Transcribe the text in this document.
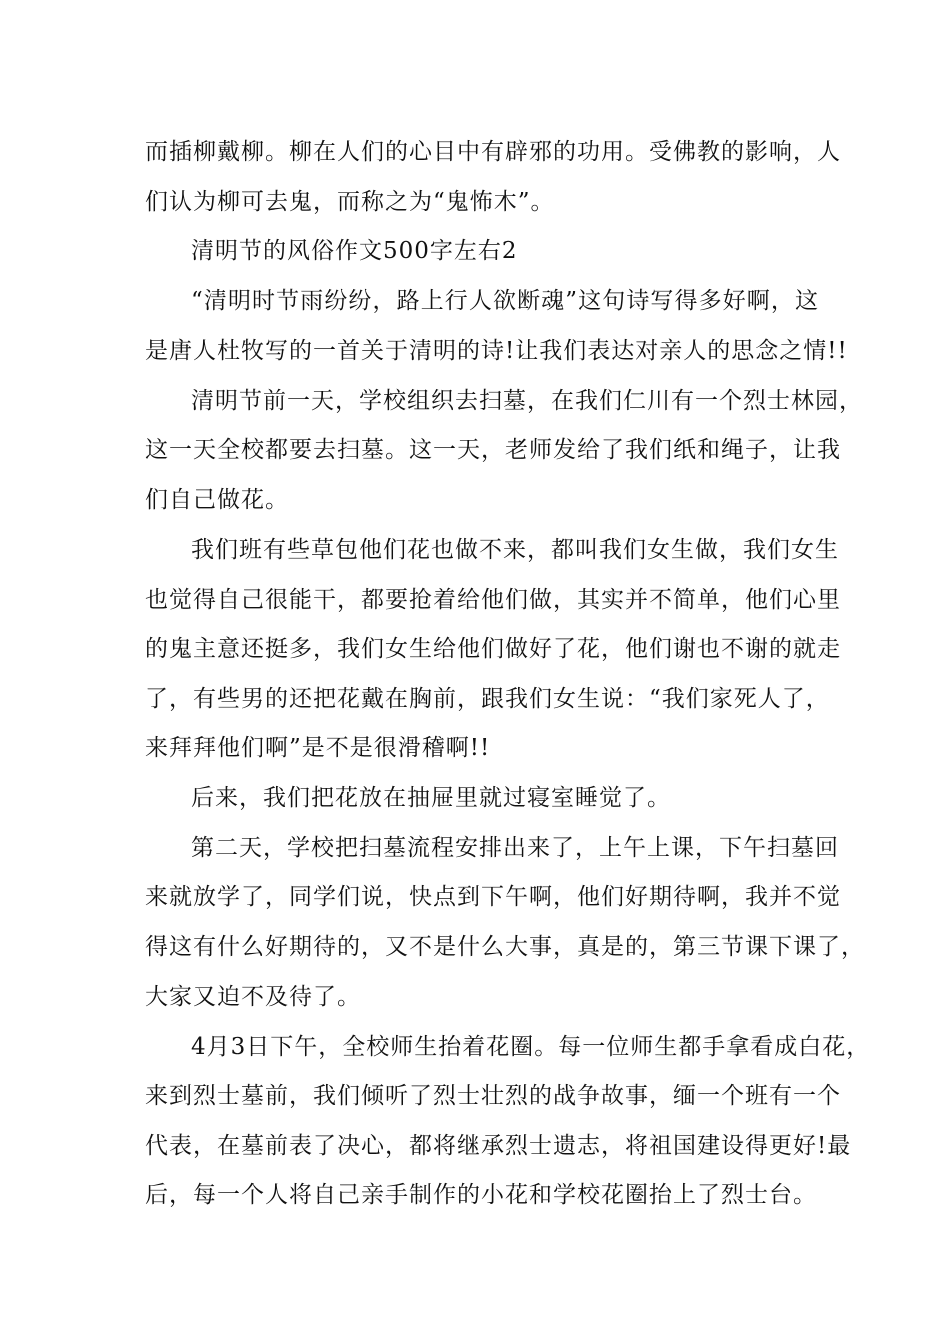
而插柳戴柳。柳在人们的心目中有辟邪的功用。受佛教的影响，人
们认为柳可去鬼，而称之为“鬼怖木”。
清明节的风俗作文500字左右2
“清明时节雨纷纷，路上行人欲断魂”这句诗写得多好啊，这
是唐人杜牧写的一首关于清明的诗!让我们表达对亲人的思念之情!!
清明节前一天，学校组织去扫墓，在我们仁川有一个烈士林园，
这一天全校都要去扫墓。这一天，老师发给了我们纸和绳子，让我
们自己做花。
我们班有些草包他们花也做不来，都叫我们女生做，我们女生
也觉得自己很能干，都要抢着给他们做，其实并不简单，他们心里
的鬼主意还挺多，我们女生给他们做好了花，他们谢也不谢的就走
了，有些男的还把花戴在胸前，跟我们女生说：“我们家死人了，
来拜拜他们啊”是不是很滑稽啊!!
后来，我们把花放在抽屉里就过寝室睡觉了。
第二天，学校把扫墓流程安排出来了，上午上课，下午扫墓回
来就放学了，同学们说，快点到下午啊，他们好期待啊，我并不觉
得这有什么好期待的，又不是什么大事，真是的，第三节课下课了，
大家又迫不及待了。
4月3日下午，全校师生抬着花圈。每一位师生都手拿看成白花，
来到烈士墓前，我们倾听了烈士壮烈的战争故事，缅一个班有一个
代表，在墓前表了决心，都将继承烈士遗志，将祖国建设得更好!最
后，每一个人将自己亲手制作的小花和学校花圈抬上了烈士台。
